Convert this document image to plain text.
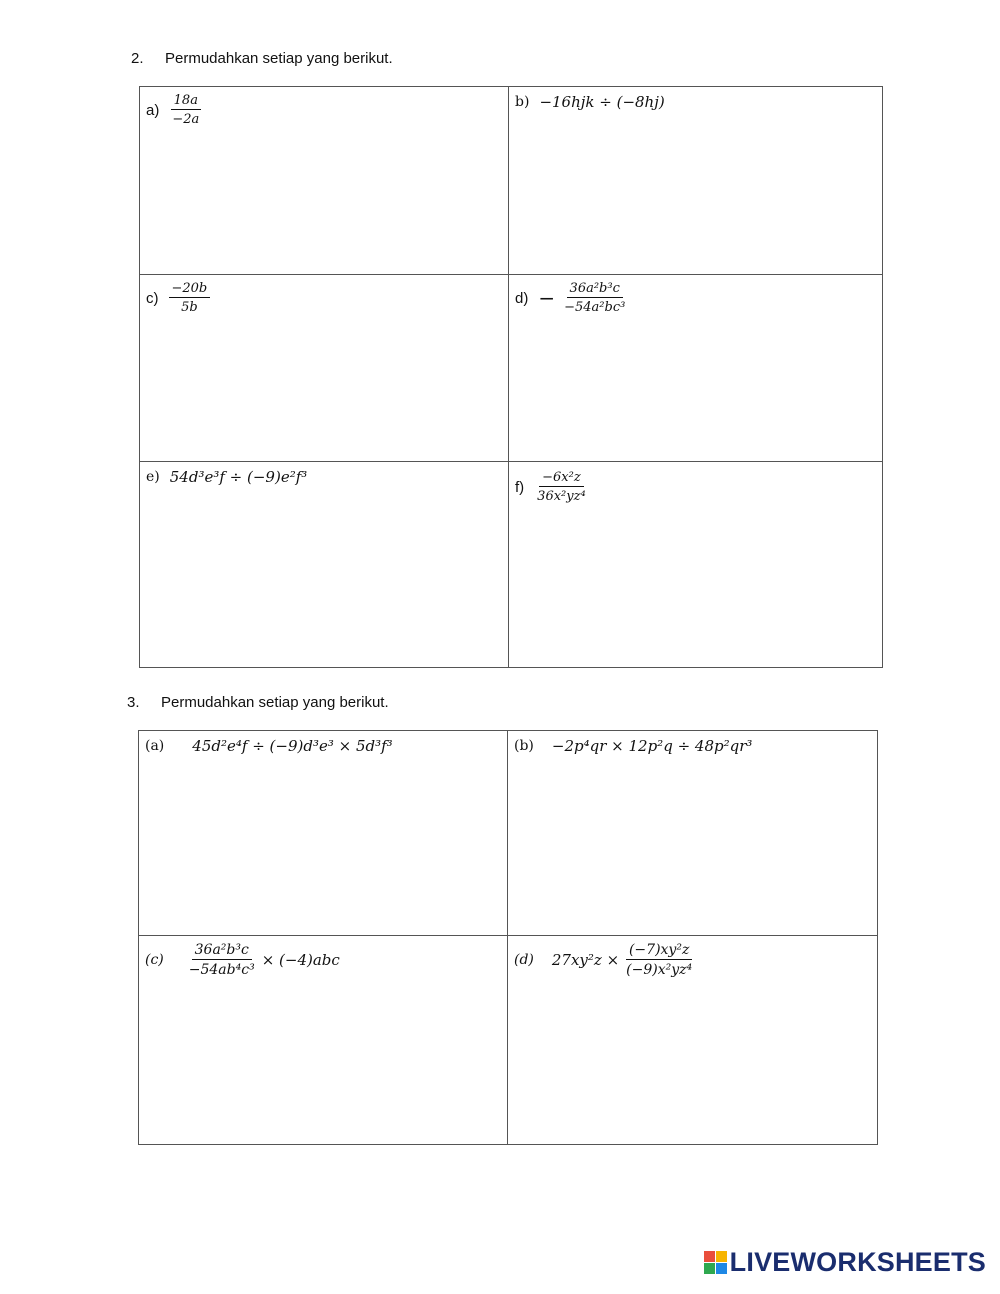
2. Permudahkan setiap yang berikut.
$a) \frac{18a}{-2a}$	b) −16hjk ÷ (−8hj)

$c) \frac{-20b}{5b}$	$d) - \frac{\text{36a²b³c}}{\text{−54a²bc³}}$

e) 54d³e³f ÷ (−9)e²f³	$f) \frac{\text{−6x²z}}{\text{36x²yz⁴}}$
3. Permudahkan setiap yang berikut.
(a) 45d²e⁴f ÷ (−9)d³e³ × 5d³f³	(b) −2p⁴qr × 12p²q ÷ 48p²qr³

$(c) \frac{\text{36a²b³c}}{\text{−54ab⁴c³}} \times (-4)abc$	(d) $27xy^2z \times \frac{\text{(−7)xy²z}}{\text{(−9)x²yz⁴}}$
LIVEWORKSHEETS
